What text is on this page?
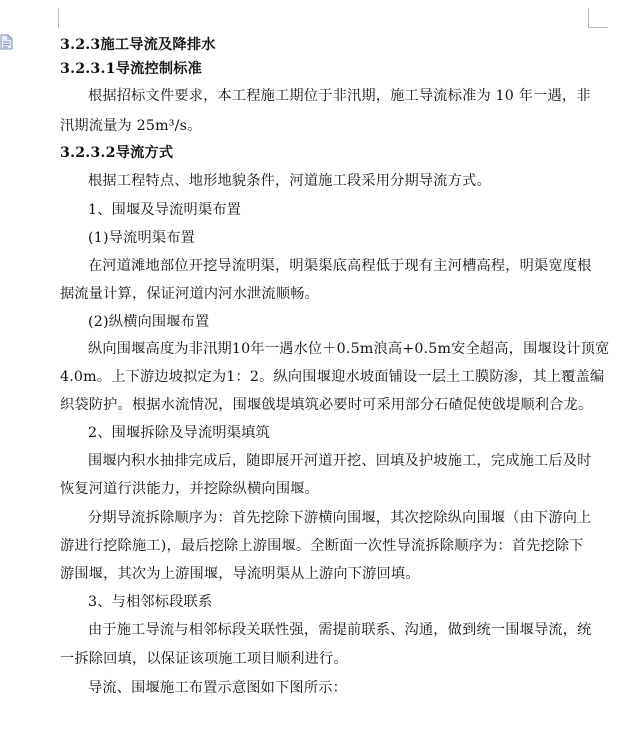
3.2.3施工导流及降排水
3.2.3.1导流控制标准
根据招标文件要求，本工程施工期位于非汛期，施工导流标准为 10 年一遇，非
汛期流量为 25m³/s。
3.2.3.2导流方式
根据工程特点、地形地貌条件，河道施工段采用分期导流方式。
1、围堰及导流明渠布置
(1)导流明渠布置
在河道滩地部位开挖导流明渠，明渠渠底高程低于现有主河槽高程，明渠宽度根
据流量计算，保证河道内河水泄流顺畅。
(2)纵横向围堰布置
纵向围堰高度为非汛期10年一遇水位＋0.5m浪高+0.5m安全超高，围堰设计顶宽
4.0m。上下游边坡拟定为1：2。纵向围堰迎水坡面铺设一层土工膜防渗，其上覆盖编
织袋防护。根据水流情况，围堰戗堤填筑必要时可采用部分石碴促使戗堤顺利合龙。
2、围堰拆除及导流明渠填筑
围堰内积水抽排完成后，随即展开河道开挖、回填及护坡施工，完成施工后及时
恢复河道行洪能力，并挖除纵横向围堰。
分期导流拆除顺序为：首先挖除下游横向围堰，其次挖除纵向围堰（由下游向上
游进行挖除施工)，最后挖除上游围堰。全断面一次性导流拆除顺序为：首先挖除下
游围堰，其次为上游围堰，导流明渠从上游向下游回填。
3、与相邻标段联系
由于施工导流与相邻标段关联性强，需提前联系、沟通，做到统一围堰导流，统
一拆除回填，以保证该项施工项目顺利进行。
导流、围堰施工布置示意图如下图所示：
